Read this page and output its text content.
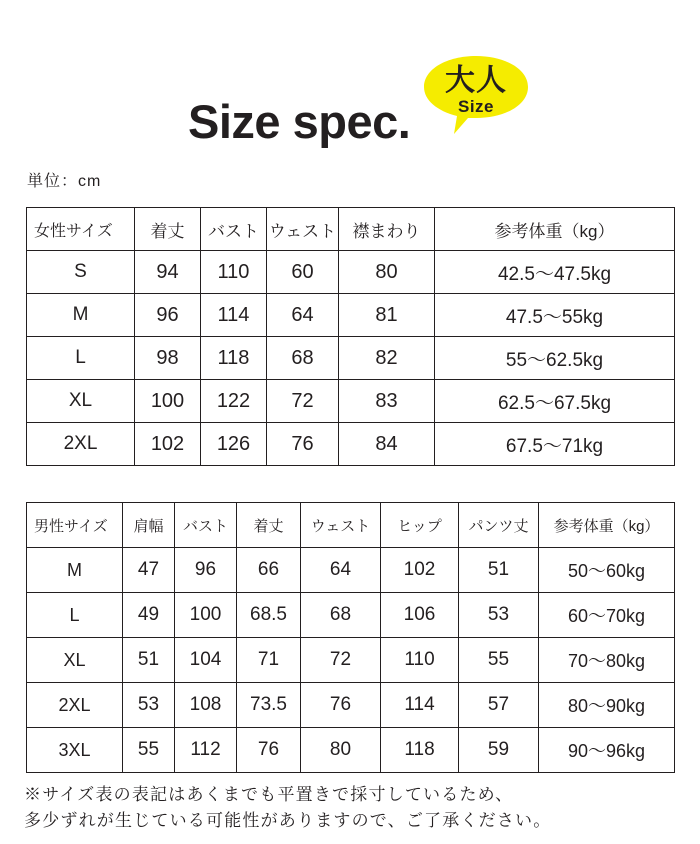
Size spec.
大人
Size
単位：cm
女性サイズ	着丈	バスト	ウェスト	襟まわり	参考体重（kg）
S	94	110	60	80	42.5〜47.5kg
M	96	114	64	81	47.5〜55kg
L	98	118	68	82	55〜62.5kg
XL	100	122	72	83	62.5〜67.5kg
2XL	102	126	76	84	67.5〜71kg
男性サイズ	肩幅	バスト	着丈	ウェスト	ヒップ	パンツ丈	参考体重（kg）
M	47	96	66	64	102	51	50〜60kg
L	49	100	68.5	68	106	53	60〜70kg
XL	51	104	71	72	110	55	70〜80kg
2XL	53	108	73.5	76	114	57	80〜90kg
3XL	55	112	76	80	118	59	90〜96kg
※サイズ表の表記はあくまでも平置きで採寸しているため、
多少ずれが生じている可能性がありますので、ご了承ください。
